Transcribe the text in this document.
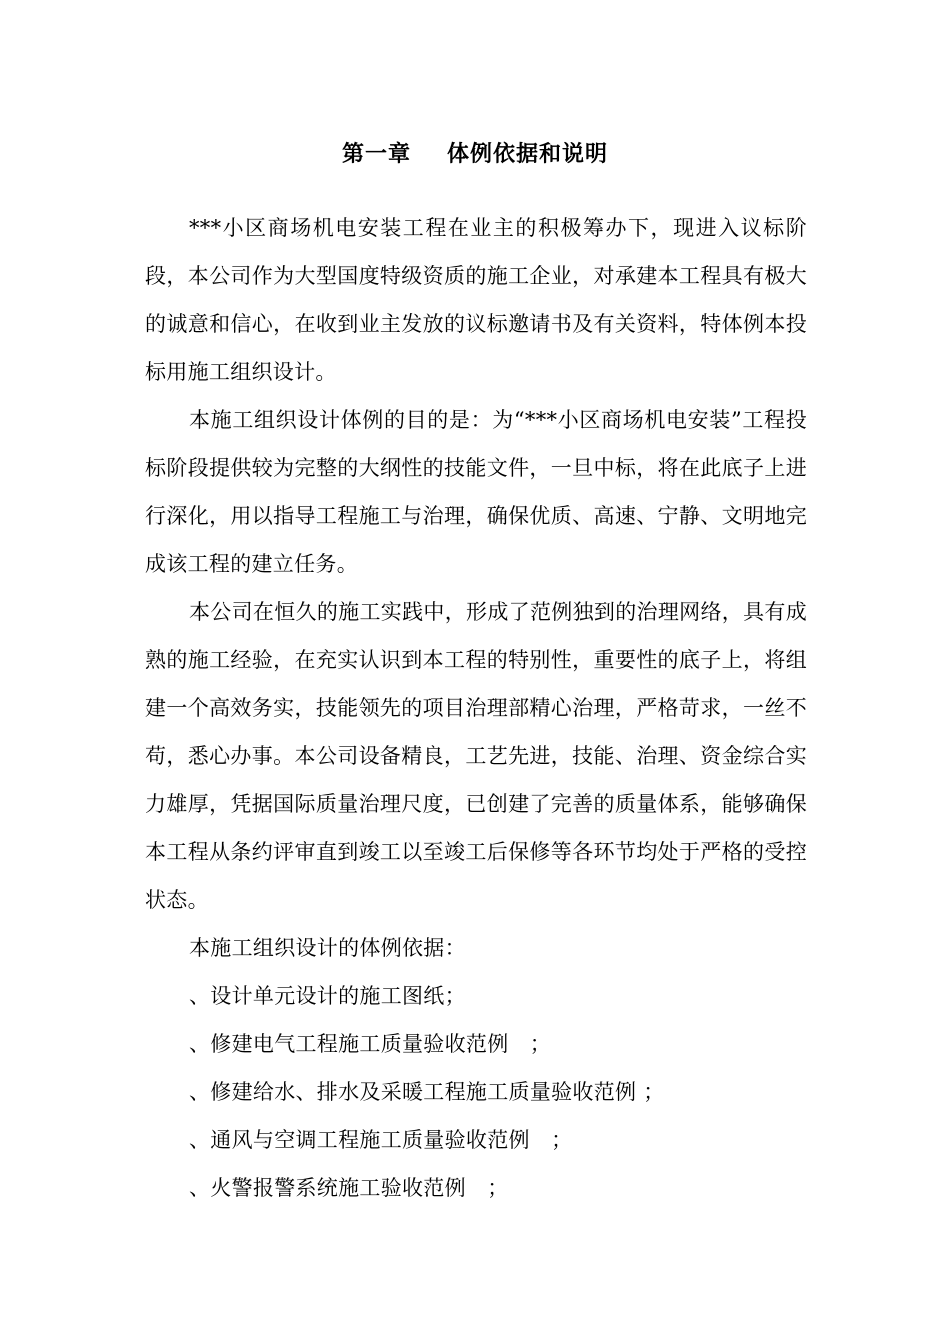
第一章 体例依据和说明

***小区商场机电安装工程在业主的积极筹办下，现进入议标阶段，本公司作为大型国度特级资质的施工企业，对承建本工程具有极大的诚意和信心，在收到业主发放的议标邀请书及有关资料，特体例本投标用施工组织设计。

本施工组织设计体例的目的是：为“***小区商场机电安装”工程投标阶段提供较为完整的大纲性的技能文件，一旦中标，将在此底子上进行深化，用以指导工程施工与治理，确保优质、高速、宁静、文明地完成该工程的建立任务。

本公司在恒久的施工实践中，形成了范例独到的治理网络，具有成熟的施工经验，在充实认识到本工程的特别性，重要性的底子上，将组建一个高效务实，技能领先的项目治理部精心治理，严格苛求，一丝不苟，悉心办事。本公司设备精良，工艺先进，技能、治理、资金综合实力雄厚，凭据国际质量治理尺度，已创建了完善的质量体系，能够确保本工程从条约评审直到竣工以至竣工后保修等各环节均处于严格的受控状态。

本施工组织设计的体例依据：

、设计单元设计的施工图纸；

、修建电气工程施工质量验收范例　；

、修建给水、排水及采暖工程施工质量验收范例 ；

、通风与空调工程施工质量验收范例　；

、火警报警系统施工验收范例　；
